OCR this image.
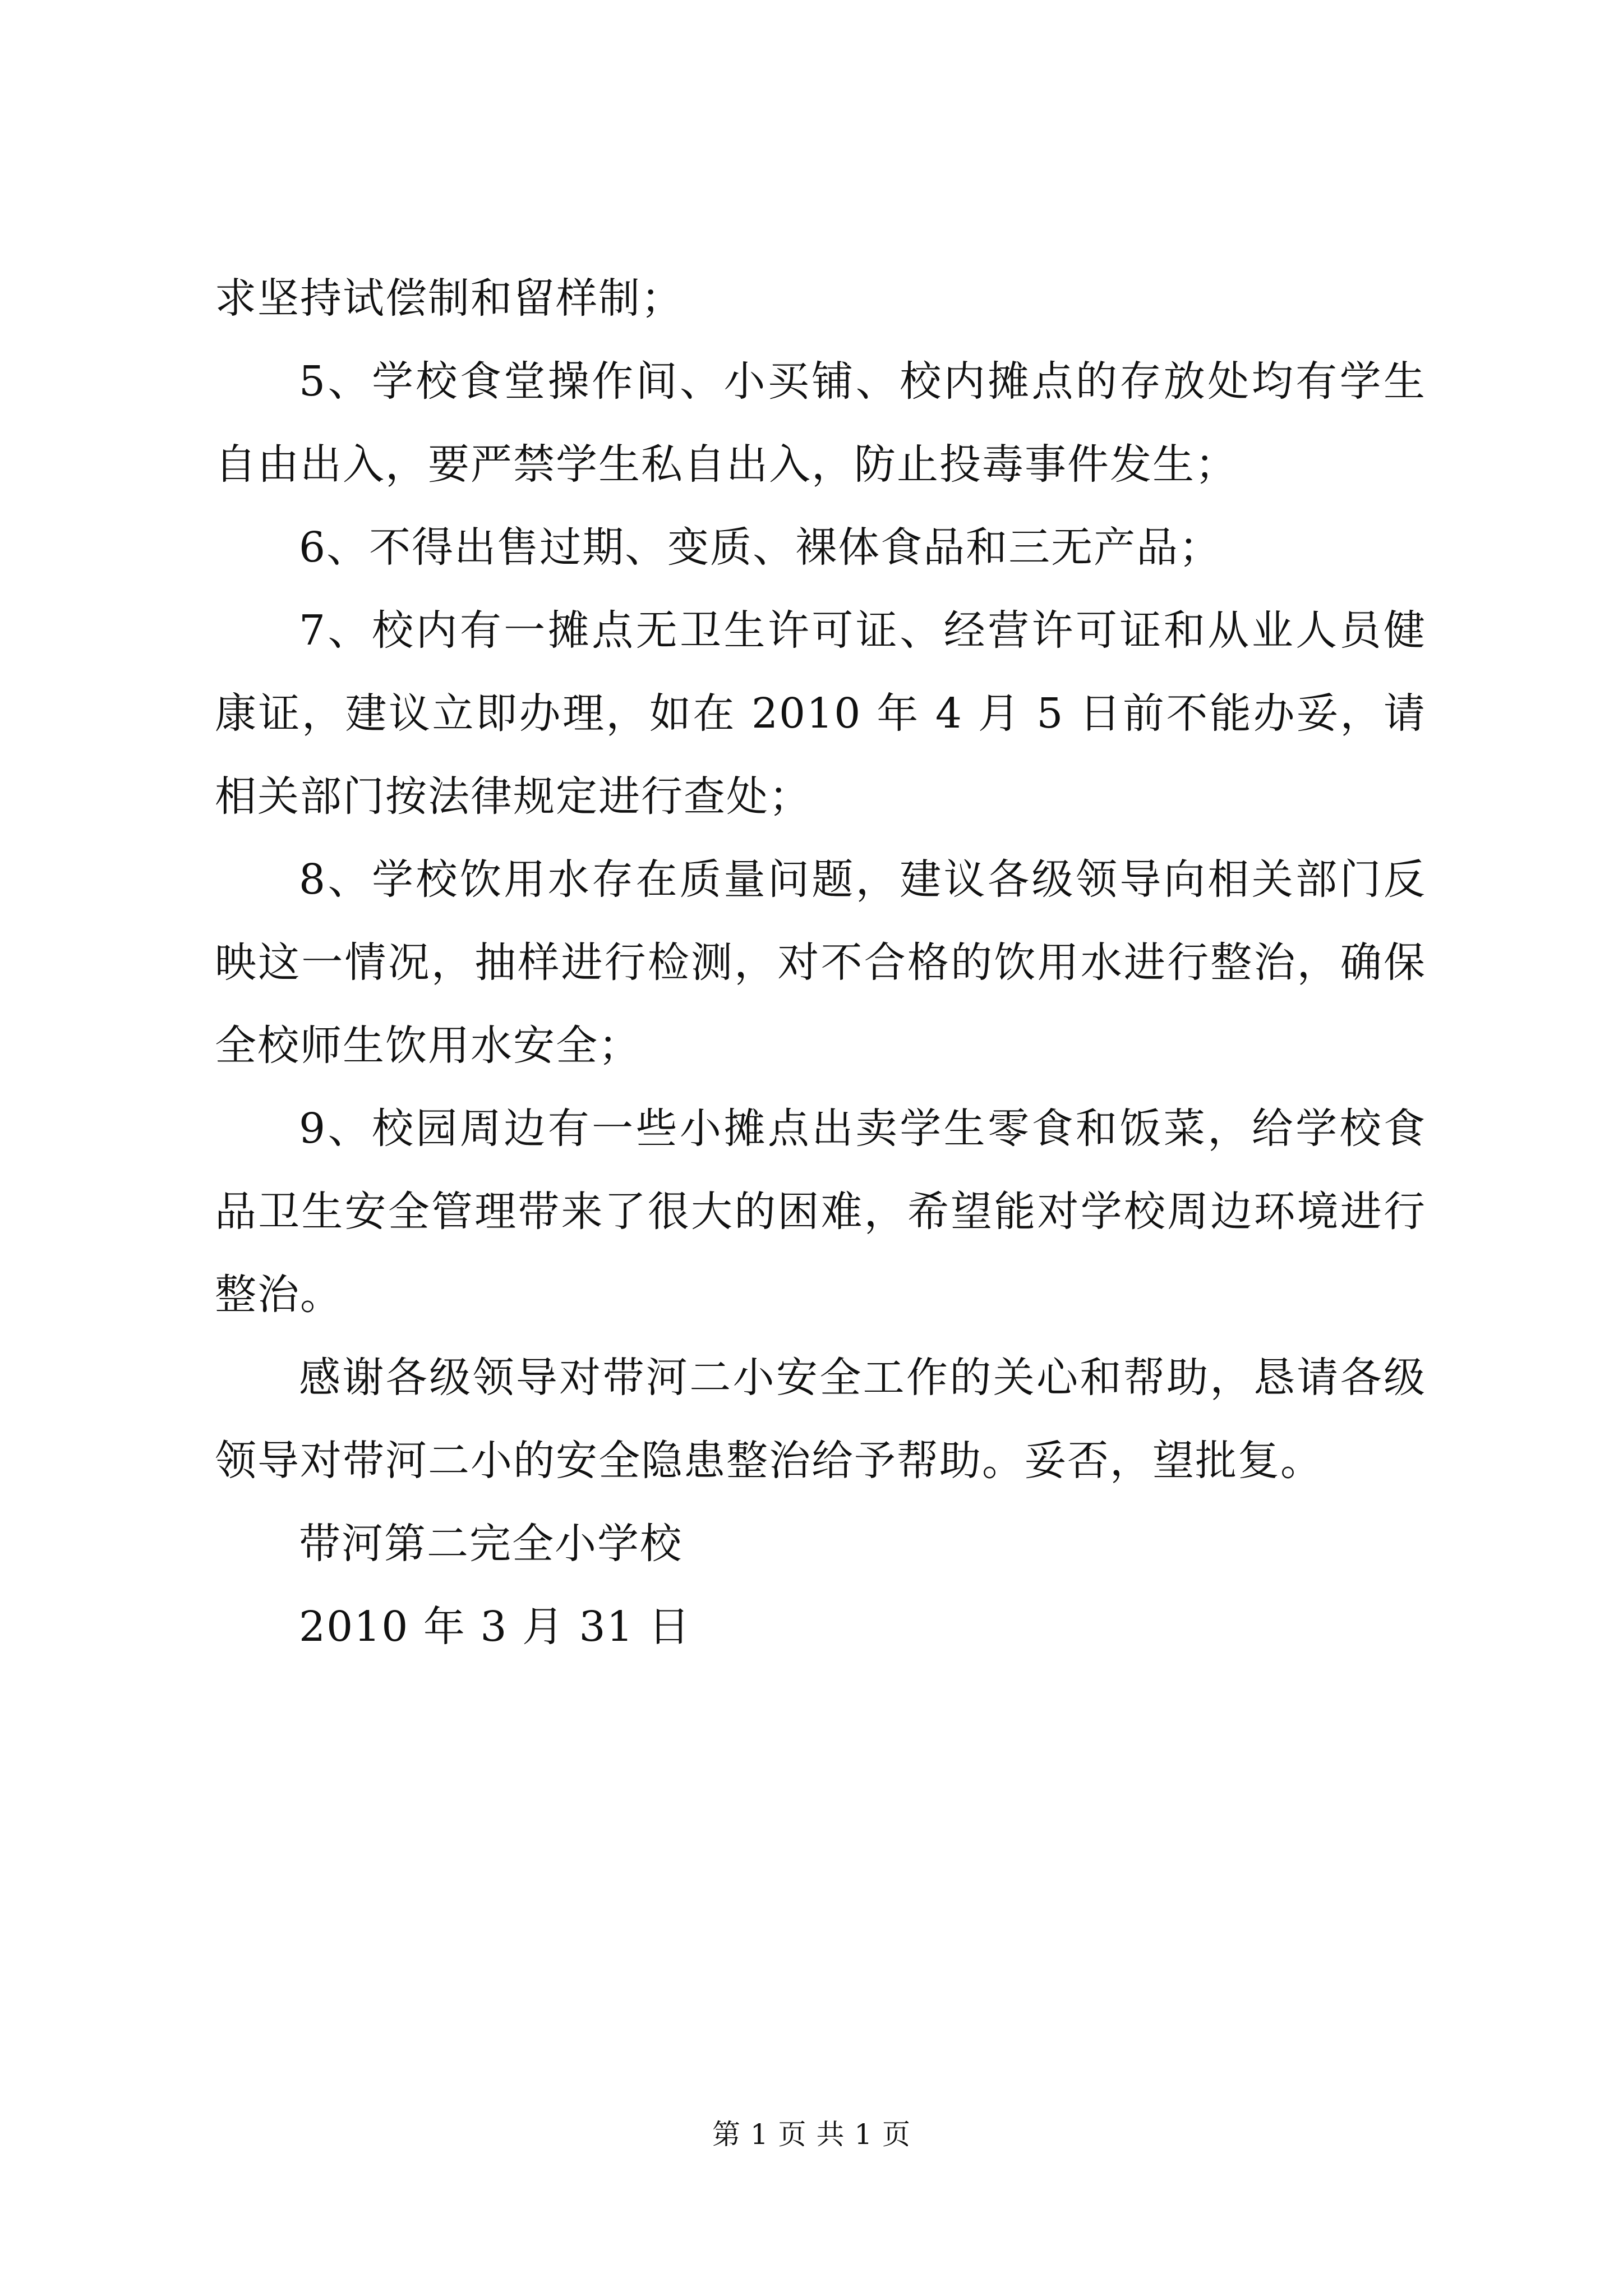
求坚持试偿制和留样制；

5、学校食堂操作间、小买铺、校内摊点的存放处均有学生自由出入，要严禁学生私自出入，防止投毒事件发生；

6、不得出售过期、变质、裸体食品和三无产品；

7、校内有一摊点无卫生许可证、经营许可证和从业人员健康证，建议立即办理，如在 2010 年 4 月 5 日前不能办妥，请相关部门按法律规定进行查处；

8、学校饮用水存在质量问题，建议各级领导向相关部门反映这一情况，抽样进行检测，对不合格的饮用水进行整治，确保全校师生饮用水安全；

9、校园周边有一些小摊点出卖学生零食和饭菜，给学校食品卫生安全管理带来了很大的困难，希望能对学校周边环境进行整治。

感谢各级领导对带河二小安全工作的关心和帮助，恳请各级领导对带河二小的安全隐患整治给予帮助。妥否，望批复。

带河第二完全小学校

2010 年 3 月 31 日

第 1 页 共 1 页
